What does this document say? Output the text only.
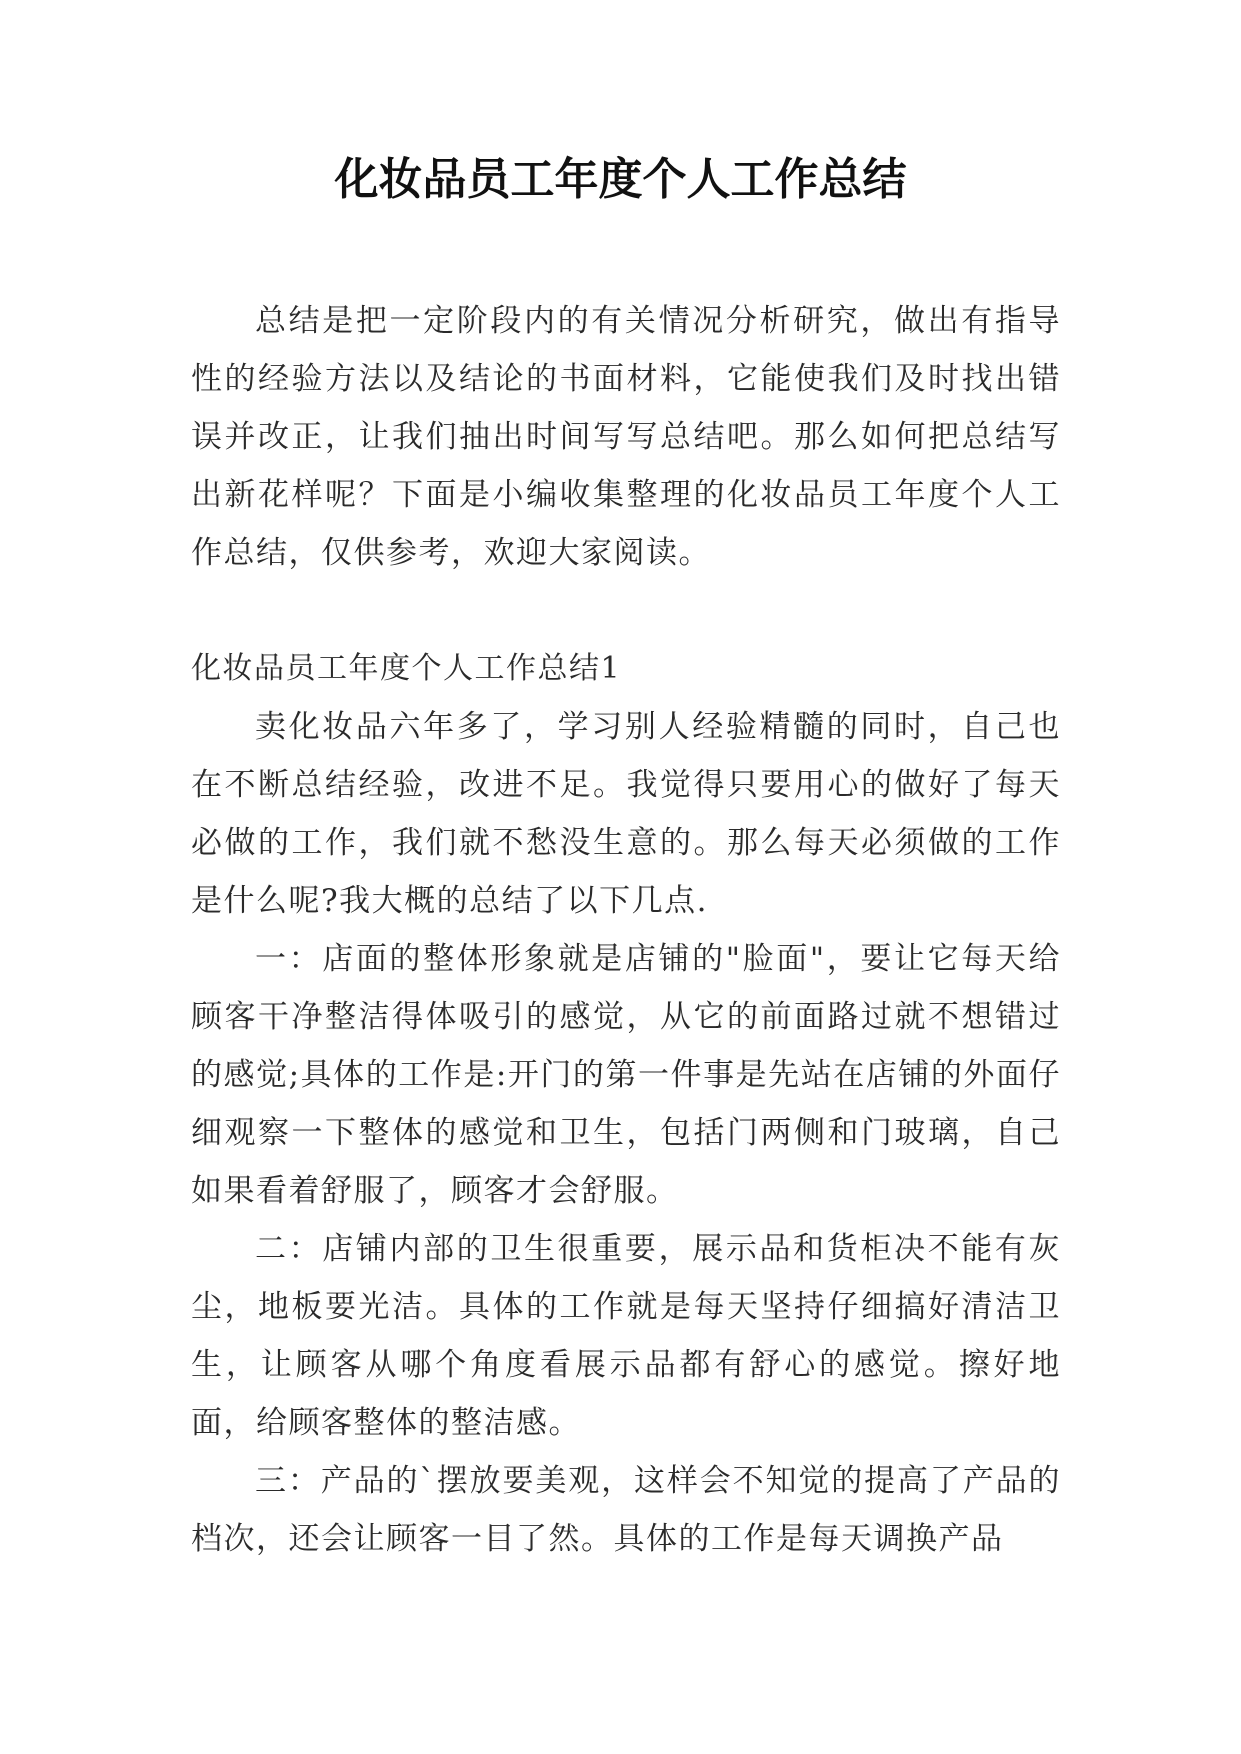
化妆品员工年度个人工作总结

总结是把一定阶段内的有关情况分析研究，做出有指导性的经验方法以及结论的书面材料，它能使我们及时找出错误并改正，让我们抽出时间写写总结吧。那么如何把总结写出新花样呢？下面是小编收集整理的化妆品员工年度个人工作总结，仅供参考，欢迎大家阅读。

化妆品员工年度个人工作总结1

卖化妆品六年多了，学习别人经验精髓的同时，自己也在不断总结经验，改进不足。我觉得只要用心的做好了每天必做的工作，我们就不愁没生意的。那么每天必须做的工作是什么呢?我大概的总结了以下几点.

一：店面的整体形象就是店铺的"脸面"，要让它每天给顾客干净整洁得体吸引的感觉，从它的前面路过就不想错过的感觉;具体的工作是:开门的第一件事是先站在店铺的外面仔细观察一下整体的感觉和卫生，包括门两侧和门玻璃，自己如果看着舒服了，顾客才会舒服。

二：店铺内部的卫生很重要，展示品和货柜决不能有灰尘，地板要光洁。具体的工作就是每天坚持仔细搞好清洁卫生，让顾客从哪个角度看展示品都有舒心的感觉。擦好地面，给顾客整体的整洁感。

三：产品的`摆放要美观，这样会不知觉的提高了产品的档次，还会让顾客一目了然。具体的工作是每天调换产品
